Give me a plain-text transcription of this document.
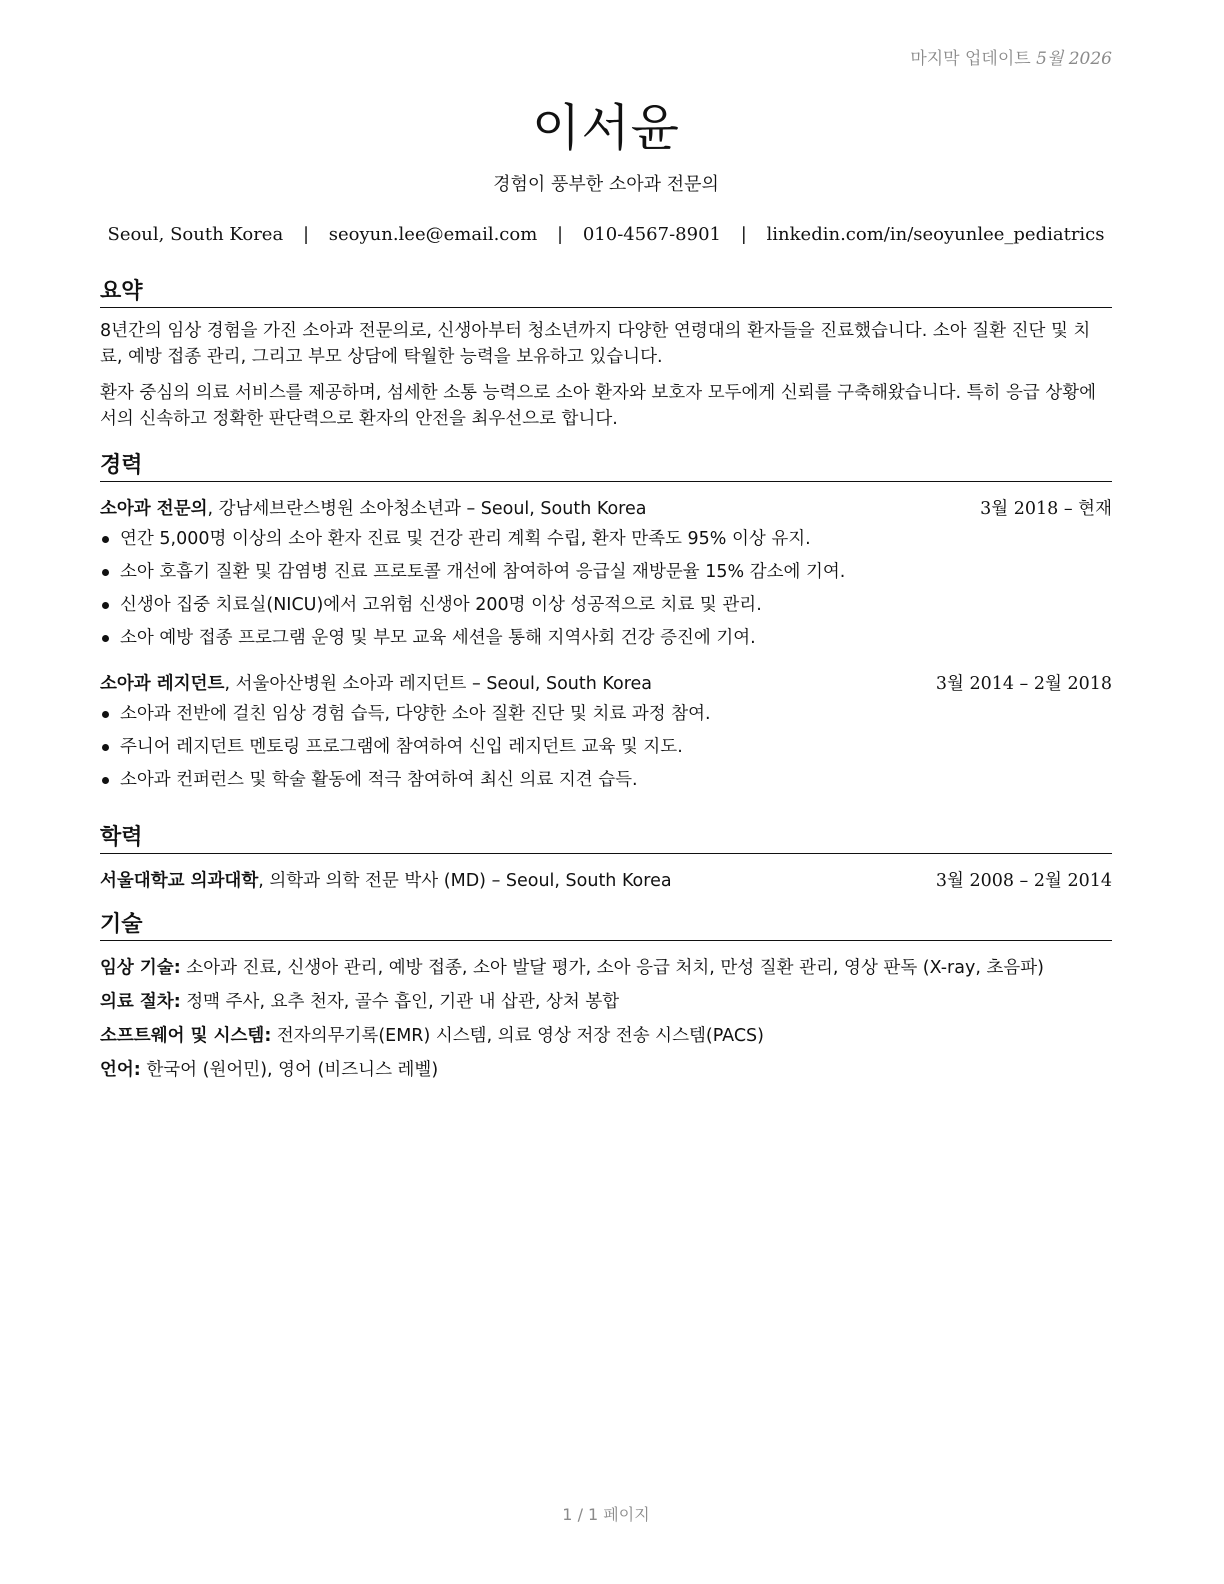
마지막 업데이트 5월 2026
이서윤
경험이 풍부한 소아과 전문의
Seoul, South Korea | seoyun.lee@email.com | 010-4567-8901 | linkedin.com/in/seoyunlee_pediatrics
요약

8년간의 임상 경험을 가진 소아과 전문의로, 신생아부터 청소년까지 다양한 연령대의 환자들을 진료했습니다. 소아 질환 진단 및 치료, 예방 접종 관리, 그리고 부모 상담에 탁월한 능력을 보유하고 있습니다.

환자 중심의 의료 서비스를 제공하며, 섬세한 소통 능력으로 소아 환자와 보호자 모두에게 신뢰를 구축해왔습니다. 특히 응급 상황에서의 신속하고 정확한 판단력으로 환자의 안전을 최우선으로 합니다.

경력
소아과 전문의, 강남세브란스병원 소아청소년과 – Seoul, South Korea	3월 2018 – 현재
연간 5,000명 이상의 소아 환자 진료 및 건강 관리 계획 수립, 환자 만족도 95% 이상 유지.
소아 호흡기 질환 및 감염병 진료 프로토콜 개선에 참여하여 응급실 재방문율 15% 감소에 기여.
신생아 집중 치료실(NICU)에서 고위험 신생아 200명 이상 성공적으로 치료 및 관리.
소아 예방 접종 프로그램 운영 및 부모 교육 세션을 통해 지역사회 건강 증진에 기여.
소아과 레지던트, 서울아산병원 소아과 레지던트 – Seoul, South Korea	3월 2014 – 2월 2018
소아과 전반에 걸친 임상 경험 습득, 다양한 소아 질환 진단 및 치료 과정 참여.
주니어 레지던트 멘토링 프로그램에 참여하여 신입 레지던트 교육 및 지도.
소아과 컨퍼런스 및 학술 활동에 적극 참여하여 최신 의료 지견 습득.
학력
서울대학교 의과대학, 의학과 의학 전문 박사 (MD) – Seoul, South Korea	3월 2008 – 2월 2014
기술
임상 기술: 소아과 진료, 신생아 관리, 예방 접종, 소아 발달 평가, 소아 응급 처치, 만성 질환 관리, 영상 판독 (X-ray, 초음파)
의료 절차: 정맥 주사, 요추 천자, 골수 흡인, 기관 내 삽관, 상처 봉합
소프트웨어 및 시스템: 전자의무기록(EMR) 시스템, 의료 영상 저장 전송 시스템(PACS)
언어: 한국어 (원어민), 영어 (비즈니스 레벨)
1 / 1 페이지
